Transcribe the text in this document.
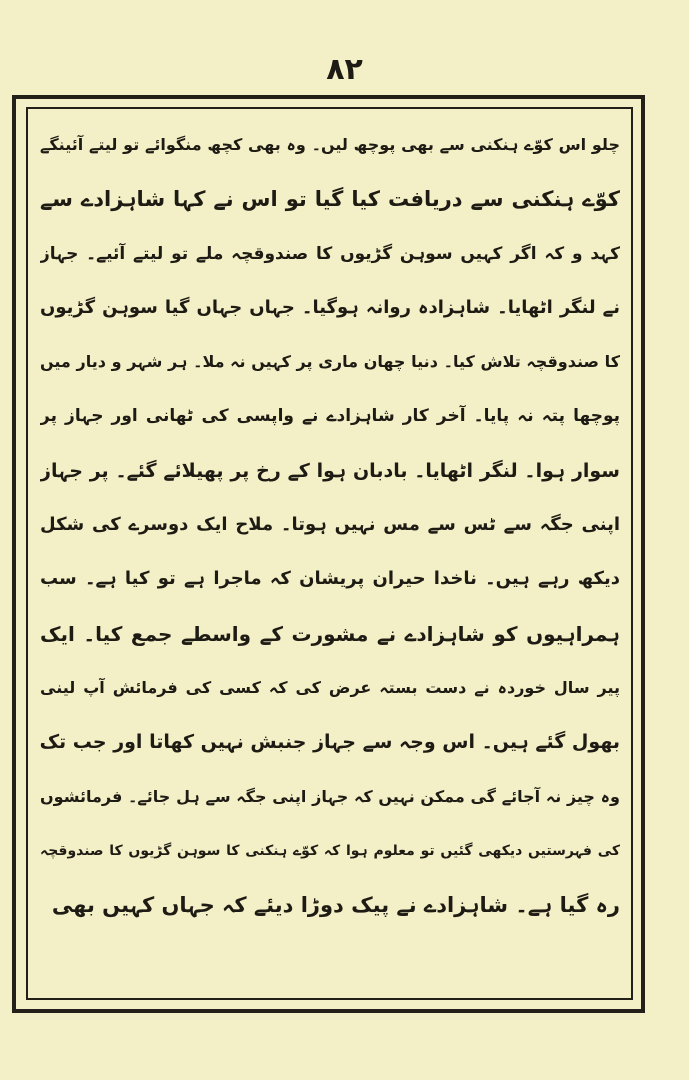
۸۲
چلو اس کوّے ہنکنی سے بھی پوچھ لیں۔ وہ بھی کچھ منگوائے تو لیتے آئینگے
کوّے ہنکنی سے دریافت کیا گیا تو اس نے کہا شاہزادے سے
کہد و کہ اگر کہیں سوہن گڑیوں کا صندوقچہ ملے تو لیتے آئیے۔ جہاز
نے لنگر اٹھایا۔ شاہزادہ روانہ ہوگیا۔ جہاں جہاں گیا سوہن گڑیوں
کا صندوقچہ تلاش کیا۔ دنیا چھان ماری پر کہیں نہ ملا۔ ہر شہر و دیار میں
پوچھا پتہ نہ پایا۔ آخر کار شاہزادے نے واپسی کی ٹھانی اور جہاز پر
سوار ہوا۔ لنگر اٹھایا۔ بادبان ہوا کے رخ پر پھیلائے گئے۔ پر جہاز
اپنی جگہ سے ٹس سے مس نہیں ہوتا۔ ملاح ایک دوسرے کی شکل
دیکھ رہے ہیں۔ ناخدا حیران پریشان کہ ماجرا ہے تو کیا ہے۔ سب
ہمراہیوں کو شاہزادے نے مشورت کے واسطے جمع کیا۔ ایک
پیر سال خوردہ نے دست بستہ عرض کی کہ کسی کی فرمائش آپ لینی
بھول گئے ہیں۔ اس وجہ سے جہاز جنبش نہیں کھاتا اور جب تک
وہ چیز نہ آجائے گی ممکن نہیں کہ جہاز اپنی جگہ سے ہل جائے۔ فرمائشوں
کی فہرستیں دیکھی گئیں تو معلوم ہوا کہ کوّے ہنکنی کا سوہن گڑیوں کا صندوقچہ
رہ گیا ہے۔ شاہزادے نے پیک دوڑا دیئے کہ جہاں کہیں بھی
